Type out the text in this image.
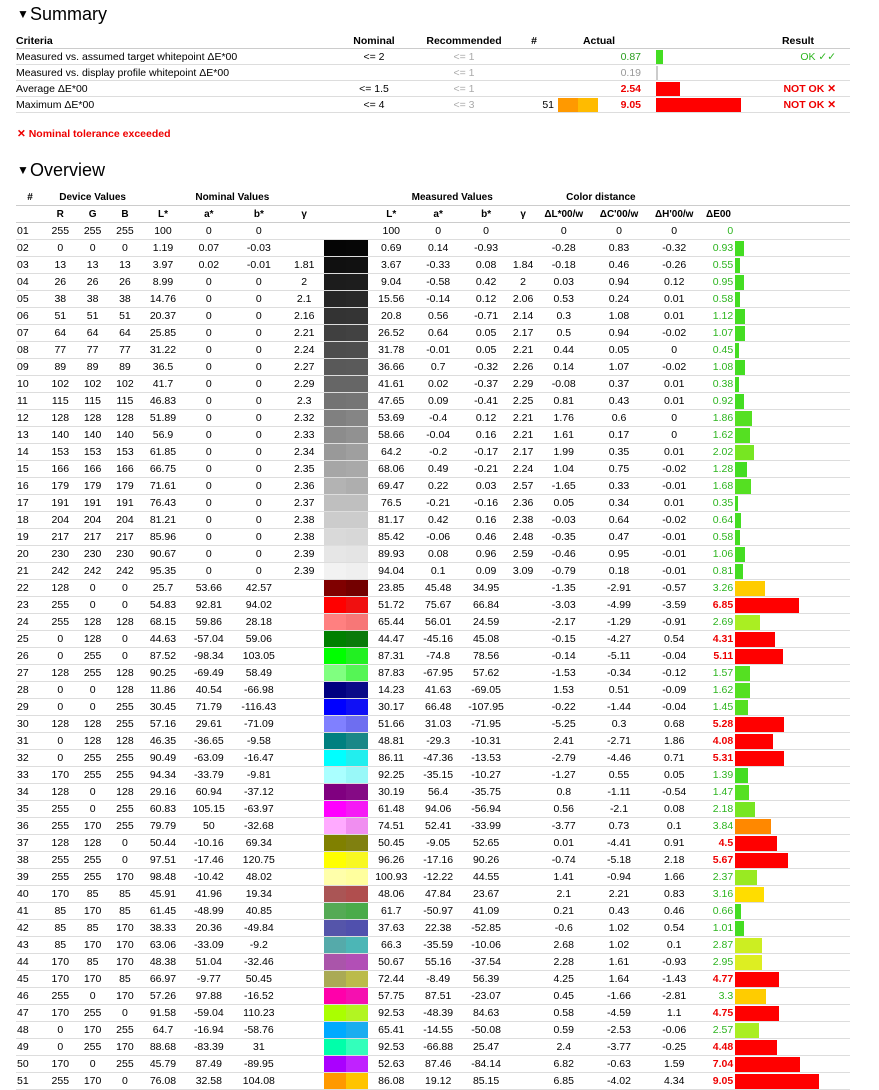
▼Summary
Criteria	Nominal	Recommended	#	Actual			Result
Measured vs. assumed target whitepoint ΔE*00	<= 2	<= 1		0.87			OK ✓✓
Measured vs. display profile whitepoint ΔE*00		<= 1		0.19		

Average ΔE*00	<= 1.5	<= 1		2.54			NOT OK ✕
Maximum ΔE*00	<= 4	<= 3	51	9.05			NOT OK ✕
✕ Nominal tolerance exceeded
▼Overview
#	Device Values			Nominal Values					Measured Values				Color distance				
	R	G	B	L*	a*	b*	γ		L*	a*	b*	γ	ΔL*00/w	ΔC'00/w	ΔH'00/w	ΔE00	
01	255	255	255	100	0	0			100	0	0		0	0	0	0	

02	0	0	0	1.19	0.07	-0.03			0.69	0.14	-0.93		-0.28	0.83	-0.32	0.93	

03	13	13	13	3.97	0.02	-0.01	1.81		3.67	-0.33	0.08	1.84	-0.18	0.46	-0.26	0.55	

04	26	26	26	8.99	0	0	2		9.04	-0.58	0.42	2	0.03	0.94	0.12	0.95	

05	38	38	38	14.76	0	0	2.1		15.56	-0.14	0.12	2.06	0.53	0.24	0.01	0.58	

06	51	51	51	20.37	0	0	2.16		20.8	0.56	-0.71	2.14	0.3	1.08	0.01	1.12	

07	64	64	64	25.85	0	0	2.21		26.52	0.64	0.05	2.17	0.5	0.94	-0.02	1.07	

08	77	77	77	31.22	0	0	2.24		31.78	-0.01	0.05	2.21	0.44	0.05	0	0.45	

09	89	89	89	36.5	0	0	2.27		36.66	0.7	-0.32	2.26	0.14	1.07	-0.02	1.08	

10	102	102	102	41.7	0	0	2.29		41.61	0.02	-0.37	2.29	-0.08	0.37	0.01	0.38	

11	115	115	115	46.83	0	0	2.3		47.65	0.09	-0.41	2.25	0.81	0.43	0.01	0.92	

12	128	128	128	51.89	0	0	2.32		53.69	-0.4	0.12	2.21	1.76	0.6	0	1.86	

13	140	140	140	56.9	0	0	2.33		58.66	-0.04	0.16	2.21	1.61	0.17	0	1.62	

14	153	153	153	61.85	0	0	2.34		64.2	-0.2	-0.17	2.17	1.99	0.35	0.01	2.02	

15	166	166	166	66.75	0	0	2.35		68.06	0.49	-0.21	2.24	1.04	0.75	-0.02	1.28	

16	179	179	179	71.61	0	0	2.36		69.47	0.22	0.03	2.57	-1.65	0.33	-0.01	1.68	

17	191	191	191	76.43	0	0	2.37		76.5	-0.21	-0.16	2.36	0.05	0.34	0.01	0.35	

18	204	204	204	81.21	0	0	2.38		81.17	0.42	0.16	2.38	-0.03	0.64	-0.02	0.64	

19	217	217	217	85.96	0	0	2.38		85.42	-0.06	0.46	2.48	-0.35	0.47	-0.01	0.58	

20	230	230	230	90.67	0	0	2.39		89.93	0.08	0.96	2.59	-0.46	0.95	-0.01	1.06	

21	242	242	242	95.35	0	0	2.39		94.04	0.1	0.09	3.09	-0.79	0.18	-0.01	0.81	

22	128	0	0	25.7	53.66	42.57			23.85	45.48	34.95		-1.35	-2.91	-0.57	3.26	

23	255	0	0	54.83	92.81	94.02			51.72	75.67	66.84		-3.03	-4.99	-3.59	6.85	

24	255	128	128	68.15	59.86	28.18			65.44	56.01	24.59		-2.17	-1.29	-0.91	2.69	

25	0	128	0	44.63	-57.04	59.06			44.47	-45.16	45.08		-0.15	-4.27	0.54	4.31	

26	0	255	0	87.52	-98.34	103.05			87.31	-74.8	78.56		-0.14	-5.11	-0.04	5.11	

27	128	255	128	90.25	-69.49	58.49			87.83	-67.95	57.62		-1.53	-0.34	-0.12	1.57	

28	0	0	128	11.86	40.54	-66.98			14.23	41.63	-69.05		1.53	0.51	-0.09	1.62	

29	0	0	255	30.45	71.79	-116.43			30.17	66.48	-107.95		-0.22	-1.44	-0.04	1.45	

30	128	128	255	57.16	29.61	-71.09			51.66	31.03	-71.95		-5.25	0.3	0.68	5.28	

31	0	128	128	46.35	-36.65	-9.58			48.81	-29.3	-10.31		2.41	-2.71	1.86	4.08	

32	0	255	255	90.49	-63.09	-16.47			86.11	-47.36	-13.53		-2.79	-4.46	0.71	5.31	

33	170	255	255	94.34	-33.79	-9.81			92.25	-35.15	-10.27		-1.27	0.55	0.05	1.39	

34	128	0	128	29.16	60.94	-37.12			30.19	56.4	-35.75		0.8	-1.11	-0.54	1.47	

35	255	0	255	60.83	105.15	-63.97			61.48	94.06	-56.94		0.56	-2.1	0.08	2.18	

36	255	170	255	79.79	50	-32.68			74.51	52.41	-33.99		-3.77	0.73	0.1	3.84	

37	128	128	0	50.44	-10.16	69.34			50.45	-9.05	52.65		0.01	-4.41	0.91	4.5	

38	255	255	0	97.51	-17.46	120.75			96.26	-17.16	90.26		-0.74	-5.18	2.18	5.67	

39	255	255	170	98.48	-10.42	48.02			100.93	-12.22	44.55		1.41	-0.94	1.66	2.37	

40	170	85	85	45.91	41.96	19.34			48.06	47.84	23.67		2.1	2.21	0.83	3.16	

41	85	170	85	61.45	-48.99	40.85			61.7	-50.97	41.09		0.21	0.43	0.46	0.66	

42	85	85	170	38.33	20.36	-49.84			37.63	22.38	-52.85		-0.6	1.02	0.54	1.01	

43	85	170	170	63.06	-33.09	-9.2			66.3	-35.59	-10.06		2.68	1.02	0.1	2.87	

44	170	85	170	48.38	51.04	-32.46			50.67	55.16	-37.54		2.28	1.61	-0.93	2.95	

45	170	170	85	66.97	-9.77	50.45			72.44	-8.49	56.39		4.25	1.64	-1.43	4.77	

46	255	0	170	57.26	97.88	-16.52			57.75	87.51	-23.07		0.45	-1.66	-2.81	3.3	

47	170	255	0	91.58	-59.04	110.23			92.53	-48.39	84.63		0.58	-4.59	1.1	4.75	

48	0	170	255	64.7	-16.94	-58.76			65.41	-14.55	-50.08		0.59	-2.53	-0.06	2.57	

49	0	255	170	88.68	-83.39	31			92.53	-66.88	25.47		2.4	-3.77	-0.25	4.48	

50	170	0	255	45.79	87.49	-89.95			52.63	87.46	-84.14		6.82	-0.63	1.59	7.04	

51	255	170	0	76.08	32.58	104.08			86.08	19.12	85.15		6.85	-4.02	4.34	9.05	
